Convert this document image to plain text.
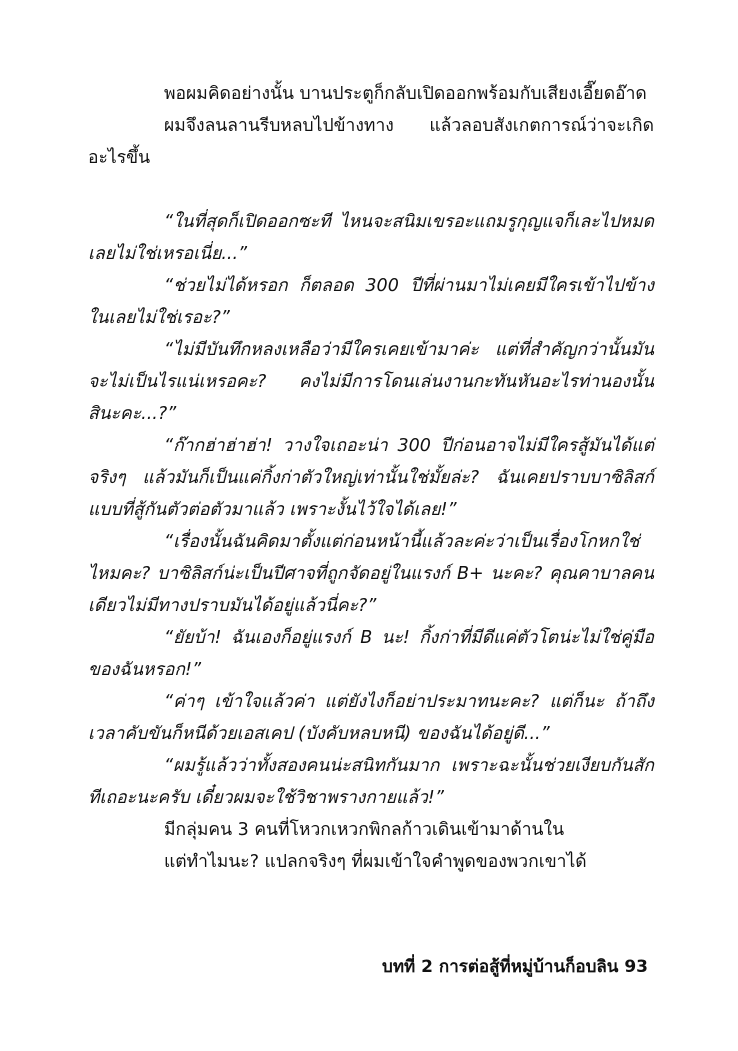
พอผมคิดอย่างนั้น บานประตูก็กลับเปิดออกพร้อมกับเสียงเอี๊ยดอ๊าด

ผมจึงลนลานรีบหลบไปข้างทาง แล้วลอบสังเกตการณ์ว่าจะเกิดอะไรขึ้น

“ในที่สุดก็เปิดออกซะที ไหนจะสนิมเขรอะแถมรูกุญแจก็เละไปหมดเลยไม่ใช่เหรอเนี่ย...”

“ช่วยไม่ได้หรอก ก็ตลอด 300 ปีที่ผ่านมาไม่เคยมีใครเข้าไปข้างในเลยไม่ใช่เรอะ?”

“ไม่มีบันทึกหลงเหลือว่ามีใครเคยเข้ามาค่ะ แต่ที่สำคัญกว่านั้นมันจะไม่เป็นไรแน่เหรอคะ? คงไม่มีการโดนเล่นงานกะทันหันอะไรท่านองนั้นสินะคะ...?”

“ก๊ากฮ่าฮ่าฮ่า! วางใจเถอะน่า 300 ปีก่อนอาจไม่มีใครสู้มันได้แต่จริงๆ แล้วมันก็เป็นแค่กิ้งก่าตัวใหญ่เท่านั้นใช่มั้ยล่ะ? ฉันเคยปราบบาซิลิสก์แบบที่สู้กันตัวต่อตัวมาแล้ว เพราะงั้นไว้ใจได้เลย!”

“เรื่องนั้นฉันคิดมาตั้งแต่ก่อนหน้านี้แล้วละค่ะว่าเป็นเรื่องโกหกใช่ไหมคะ? บาซิลิสก์น่ะเป็นปีศาจที่ถูกจัดอยู่ในแรงก์ B+ นะคะ? คุณคาบาลคนเดียวไม่มีทางปราบมันได้อยู่แล้วนี่คะ?”

“ยัยบ้า! ฉันเองก็อยู่แรงก์ B นะ! กิ้งก่าที่มีดีแค่ตัวโตน่ะไม่ใช่คู่มือของฉันหรอก!”

“ค่าๆ เข้าใจแล้วค่า แต่ยังไงก็อย่าประมาทนะคะ? แต่ก็นะ ถ้าถึงเวลาคับขันก็หนีด้วยเอสเคป (บังคับหลบหนี) ของฉันได้อยู่ดี...”

“ผมรู้แล้วว่าทั้งสองคนน่ะสนิทกันมาก เพราะฉะนั้นช่วยเงียบกันสักทีเถอะนะครับ เดี๋ยวผมจะใช้วิชาพรางกายแล้ว!”

มีกลุ่มคน 3 คนที่โหวกเหวกพิกลก้าวเดินเข้ามาด้านใน

แต่ทำไมนะ? แปลกจริงๆ ที่ผมเข้าใจคำพูดของพวกเขาได้

บทที่ 2 การต่อสู้ที่หมู่บ้านก็อบลิน 93
